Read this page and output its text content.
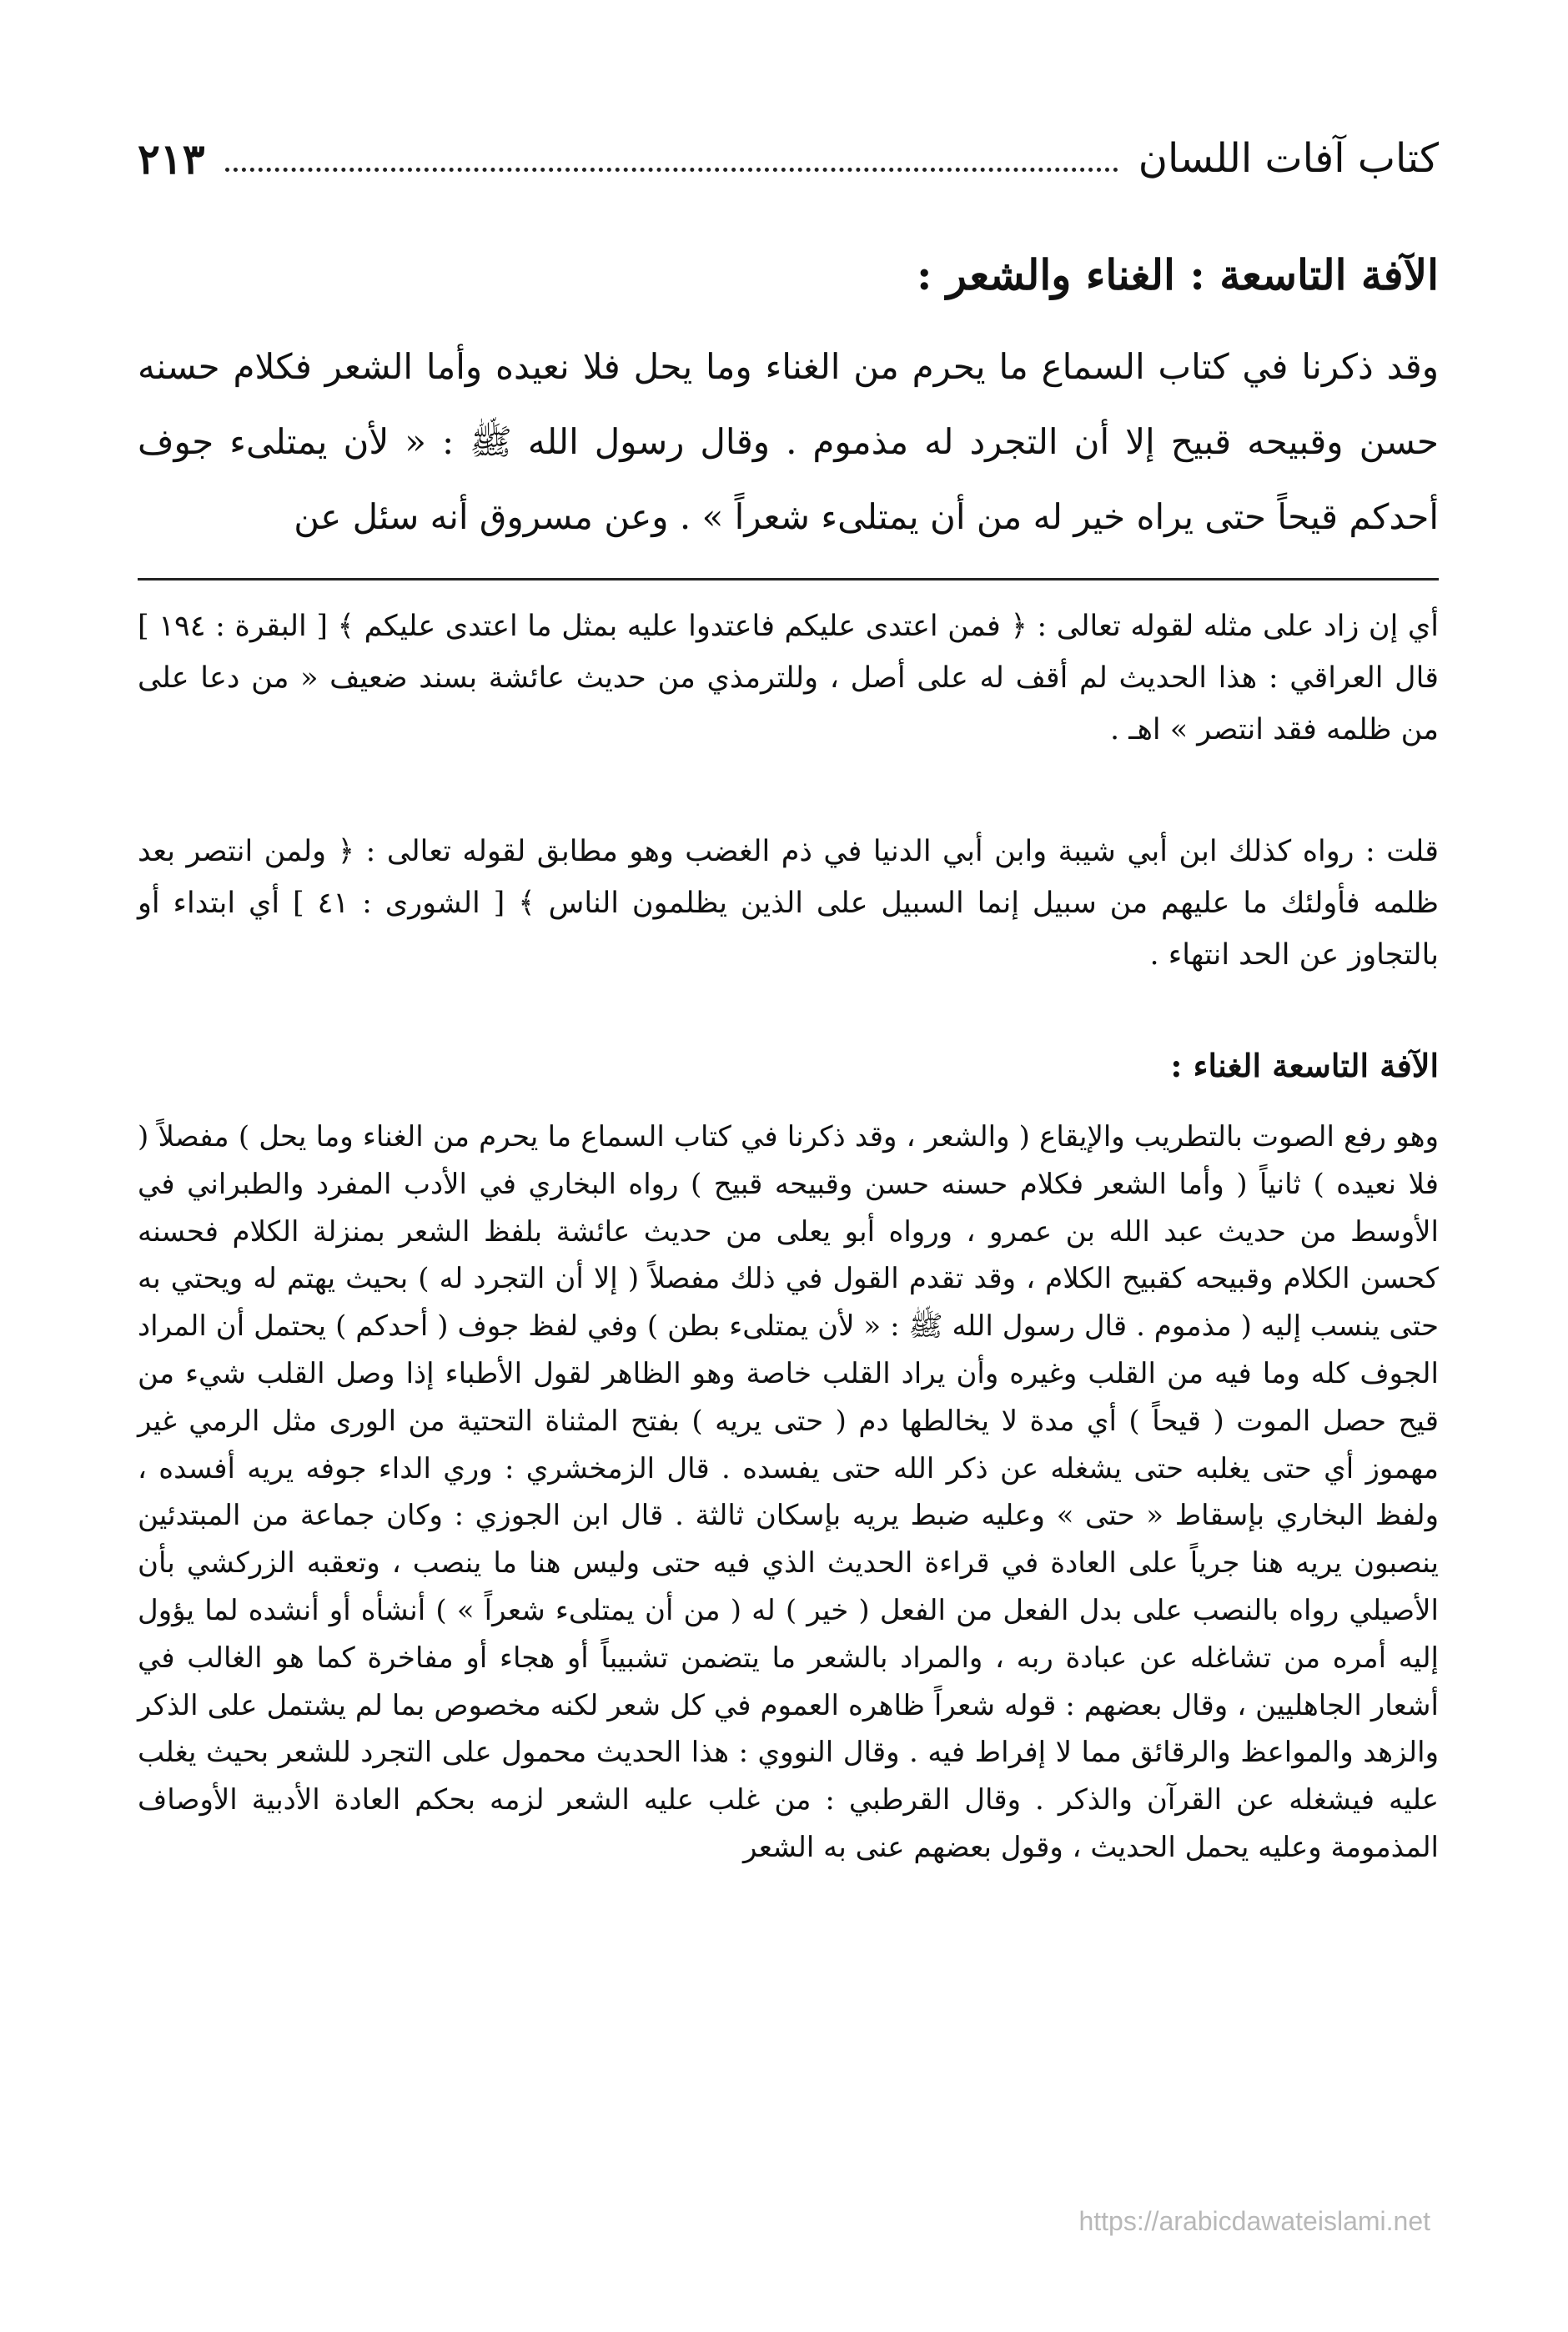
كتاب آفات اللسان
٢١٣
الآفة التاسعة : الغناء والشعر :

وقد ذكرنا في كتاب السماع ما يحرم من الغناء وما يحل فلا نعيده وأما الشعر فكلام حسنه حسن وقبيحه قبيح إلا أن التجرد له مذموم . وقال رسول الله ﷺ : « لأن يمتلىء جوف أحدكم قيحاً حتى يراه خير له من أن يمتلىء شعراً » . وعن مسروق أنه سئل عن

أي إن زاد على مثله لقوله تعالى : ﴿ فمن اعتدى عليكم فاعتدوا عليه بمثل ما اعتدى عليكم ﴾ [ البقرة : ١٩٤ ] قال العراقي : هذا الحديث لم أقف له على أصل ، وللترمذي من حديث عائشة بسند ضعيف « من دعا على من ظلمه فقد انتصر » اهـ .

قلت : رواه كذلك ابن أبي شيبة وابن أبي الدنيا في ذم الغضب وهو مطابق لقوله تعالى : ﴿ ولمن انتصر بعد ظلمه فأولئك ما عليهم من سبيل إنما السبيل على الذين يظلمون الناس ﴾ [ الشورى : ٤١ ] أي ابتداء أو بالتجاوز عن الحد انتهاء .

الآفة التاسعة الغناء :

وهو رفع الصوت بالتطريب والإيقاع ( والشعر ، وقد ذكرنا في كتاب السماع ما يحرم من الغناء وما يحل ) مفصلاً ( فلا نعيده ) ثانياً ( وأما الشعر فكلام حسنه حسن وقبيحه قبيح ) رواه البخاري في الأدب المفرد والطبراني في الأوسط من حديث عبد الله بن عمرو ، ورواه أبو يعلى من حديث عائشة بلفظ الشعر بمنزلة الكلام فحسنه كحسن الكلام وقبيحه كقبيح الكلام ، وقد تقدم القول في ذلك مفصلاً ( إلا أن التجرد له ) بحيث يهتم له ويحتي به حتى ينسب إليه ( مذموم . قال رسول الله ﷺ : « لأن يمتلىء بطن ) وفي لفظ جوف ( أحدكم ) يحتمل أن المراد الجوف كله وما فيه من القلب وغيره وأن يراد القلب خاصة وهو الظاهر لقول الأطباء إذا وصل القلب شيء من قيح حصل الموت ( قيحاً ) أي مدة لا يخالطها دم ( حتى يريه ) بفتح المثناة التحتية من الورى مثل الرمي غير مهموز أي حتى يغلبه حتى يشغله عن ذكر الله حتى يفسده . قال الزمخشري : وري الداء جوفه يريه أفسده ، ولفظ البخاري بإسقاط « حتى » وعليه ضبط يريه بإسكان ثالثة . قال ابن الجوزي : وكان جماعة من المبتدئين ينصبون يريه هنا جرياً على العادة في قراءة الحديث الذي فيه حتى وليس هنا ما ينصب ، وتعقبه الزركشي بأن الأصيلي رواه بالنصب على بدل الفعل من الفعل ( خير ) له ( من أن يمتلىء شعراً » ) أنشأه أو أنشده لما يؤول إليه أمره من تشاغله عن عبادة ربه ، والمراد بالشعر ما يتضمن تشبيباً أو هجاء أو مفاخرة كما هو الغالب في أشعار الجاهليين ، وقال بعضهم : قوله شعراً ظاهره العموم في كل شعر لكنه مخصوص بما لم يشتمل على الذكر والزهد والمواعظ والرقائق مما لا إفراط فيه . وقال النووي : هذا الحديث محمول على التجرد للشعر بحيث يغلب عليه فيشغله عن القرآن والذكر . وقال القرطبي : من غلب عليه الشعر لزمه بحكم العادة الأدبية الأوصاف المذمومة وعليه يحمل الحديث ، وقول بعضهم عنى به الشعر

https://arabicdawateislami.net
